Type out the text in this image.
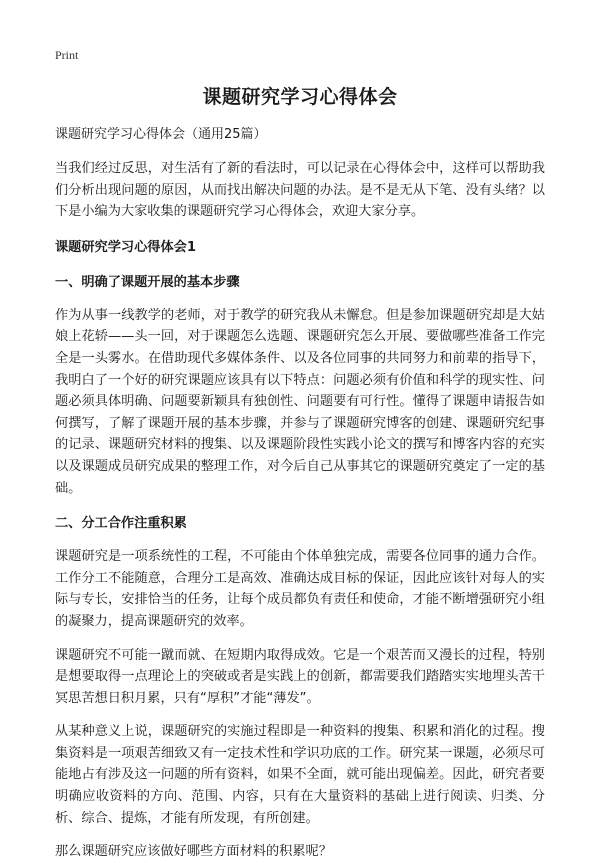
Print
课题研究学习心得体会

课题研究学习心得体会（通用25篇）

当我们经过反思，对生活有了新的看法时，可以记录在心得体会中，这样可以帮助我们分析出现问题的原因，从而找出解决问题的办法。是不是无从下笔、没有头绪？以下是小编为大家收集的课题研究学习心得体会，欢迎大家分享。

课题研究学习心得体会1

一、明确了课题开展的基本步骤

作为从事一线教学的老师，对于教学的研究我从未懈怠。但是参加课题研究却是大姑娘上花轿——头一回，对于课题怎么选题、课题研究怎么开展、要做哪些准备工作完全是一头雾水。在借助现代多媒体条件、以及各位同事的共同努力和前辈的指导下，我明白了一个好的研究课题应该具有以下特点：问题必须有价值和科学的现实性、问题必须具体明确、问题要新颖具有独创性、问题要有可行性。懂得了课题申请报告如何撰写，了解了课题开展的基本步骤，并参与了课题研究博客的创建、课题研究纪事的记录、课题研究材料的搜集、以及课题阶段性实践小论文的撰写和博客内容的充实以及课题成员研究成果的整理工作，对今后自己从事其它的课题研究奠定了一定的基础。

二、分工合作注重积累

课题研究是一项系统性的工程，不可能由个体单独完成，需要各位同事的通力合作。工作分工不能随意，合理分工是高效、准确达成目标的保证，因此应该针对每人的实际与专长，安排恰当的任务，让每个成员都负有责任和使命，才能不断增强研究小组的凝聚力，提高课题研究的效率。

课题研究不可能一蹴而就、在短期内取得成效。它是一个艰苦而又漫长的过程，特别是想要取得一点理论上的突破或者是实践上的创新，都需要我们踏踏实实地埋头苦干冥思苦想日积月累，只有“厚积”才能“薄发”。

从某种意义上说，课题研究的实施过程即是一种资料的搜集、积累和消化的过程。搜集资料是一项艰苦细致又有一定技术性和学识功底的工作。研究某一课题，必须尽可能地占有涉及这一问题的所有资料，如果不全面，就可能出现偏差。因此，研究者要明确应收资料的方向、范围、内容，只有在大量资料的基础上进行阅读、归类、分析、综合、提炼，才能有所发现，有所创建。

那么课题研究应该做好哪些方面材料的积累呢？
